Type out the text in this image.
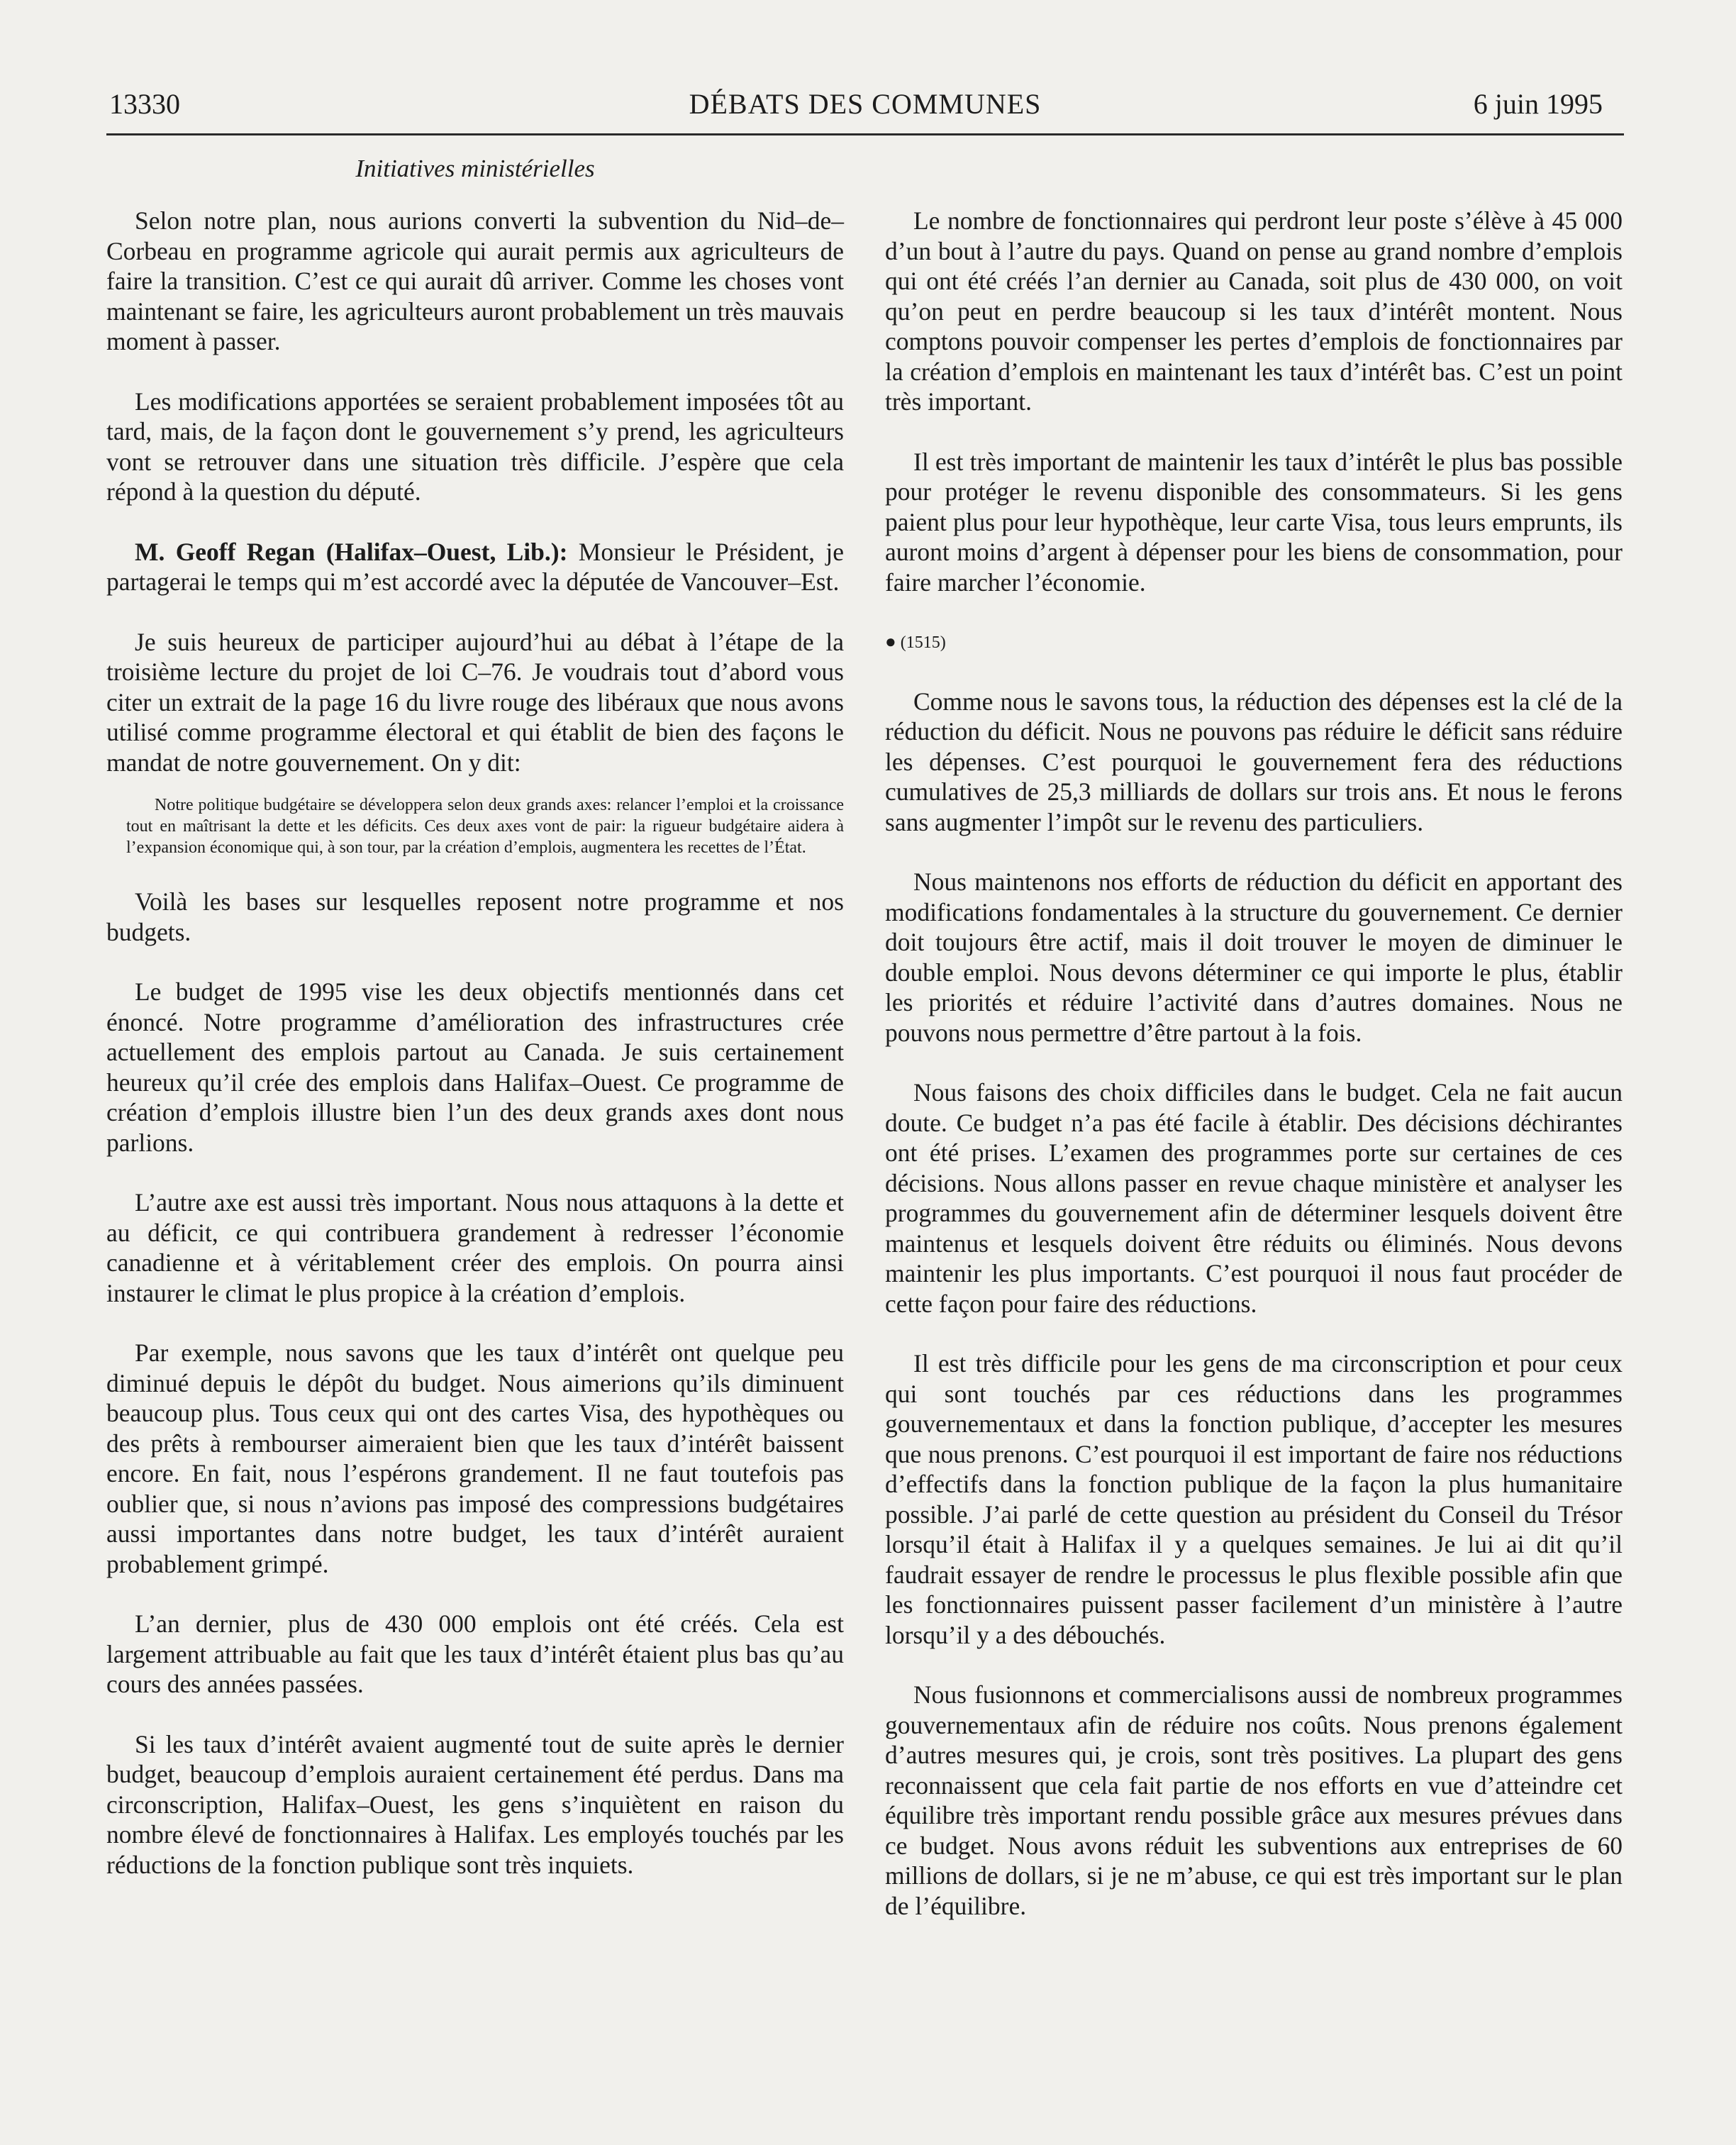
13330	DÉBATS DES COMMUNES	6 juin 1995
Initiatives ministérielles

Selon notre plan, nous aurions converti la subvention du Nid–de–Corbeau en programme agricole qui aurait permis aux agriculteurs de faire la transition. C’est ce qui aurait dû arriver. Comme les choses vont maintenant se faire, les agriculteurs auront probablement un très mauvais moment à passer.

Les modifications apportées se seraient probablement imposées tôt au tard, mais, de la façon dont le gouvernement s’y prend, les agriculteurs vont se retrouver dans une situation très difficile. J’espère que cela répond à la question du député.

M. Geoff Regan (Halifax–Ouest, Lib.): Monsieur le Président, je partagerai le temps qui m’est accordé avec la députée de Vancouver–Est.

Je suis heureux de participer aujourd’hui au débat à l’étape de la troisième lecture du projet de loi C–76. Je voudrais tout d’abord vous citer un extrait de la page 16 du livre rouge des libéraux que nous avons utilisé comme programme électoral et qui établit de bien des façons le mandat de notre gouvernement. On y dit:

Notre politique budgétaire se développera selon deux grands axes: relancer l’emploi et la croissance tout en maîtrisant la dette et les déficits. Ces deux axes vont de pair: la rigueur budgétaire aidera à l’expansion économique qui, à son tour, par la création d’emplois, augmentera les recettes de l’État.

Voilà les bases sur lesquelles reposent notre programme et nos budgets.

Le budget de 1995 vise les deux objectifs mentionnés dans cet énoncé. Notre programme d’amélioration des infrastructures crée actuellement des emplois partout au Canada. Je suis certainement heureux qu’il crée des emplois dans Halifax–Ouest. Ce programme de création d’emplois illustre bien l’un des deux grands axes dont nous parlions.

L’autre axe est aussi très important. Nous nous attaquons à la dette et au déficit, ce qui contribuera grandement à redresser l’économie canadienne et à véritablement créer des emplois. On pourra ainsi instaurer le climat le plus propice à la création d’emplois.

Par exemple, nous savons que les taux d’intérêt ont quelque peu diminué depuis le dépôt du budget. Nous aimerions qu’ils diminuent beaucoup plus. Tous ceux qui ont des cartes Visa, des hypothèques ou des prêts à rembourser aimeraient bien que les taux d’intérêt baissent encore. En fait, nous l’espérons grandement. Il ne faut toutefois pas oublier que, si nous n’avions pas imposé des compressions budgétaires aussi importantes dans notre budget, les taux d’intérêt auraient probablement grimpé.

L’an dernier, plus de 430 000 emplois ont été créés. Cela est largement attribuable au fait que les taux d’intérêt étaient plus bas qu’au cours des années passées.

Si les taux d’intérêt avaient augmenté tout de suite après le dernier budget, beaucoup d’emplois auraient certainement été perdus. Dans ma circonscription, Halifax–Ouest, les gens s’inquiètent en raison du nombre élevé de fonctionnaires à Halifax. Les employés touchés par les réductions de la fonction publique sont très inquiets.

Le nombre de fonctionnaires qui perdront leur poste s’élève à 45 000 d’un bout à l’autre du pays. Quand on pense au grand nombre d’emplois qui ont été créés l’an dernier au Canada, soit plus de 430 000, on voit qu’on peut en perdre beaucoup si les taux d’intérêt montent. Nous comptons pouvoir compenser les pertes d’emplois de fonctionnaires par la création d’emplois en maintenant les taux d’intérêt bas. C’est un point très important.

Il est très important de maintenir les taux d’intérêt le plus bas possible pour protéger le revenu disponible des consommateurs. Si les gens paient plus pour leur hypothèque, leur carte Visa, tous leurs emprunts, ils auront moins d’argent à dépenser pour les biens de consommation, pour faire marcher l’économie.

● (1515)

Comme nous le savons tous, la réduction des dépenses est la clé de la réduction du déficit. Nous ne pouvons pas réduire le déficit sans réduire les dépenses. C’est pourquoi le gouvernement fera des réductions cumulatives de 25,3 milliards de dollars sur trois ans. Et nous le ferons sans augmenter l’impôt sur le revenu des particuliers.

Nous maintenons nos efforts de réduction du déficit en apportant des modifications fondamentales à la structure du gouvernement. Ce dernier doit toujours être actif, mais il doit trouver le moyen de diminuer le double emploi. Nous devons déterminer ce qui importe le plus, établir les priorités et réduire l’activité dans d’autres domaines. Nous ne pouvons nous permettre d’être partout à la fois.

Nous faisons des choix difficiles dans le budget. Cela ne fait aucun doute. Ce budget n’a pas été facile à établir. Des décisions déchirantes ont été prises. L’examen des programmes porte sur certaines de ces décisions. Nous allons passer en revue chaque ministère et analyser les programmes du gouvernement afin de déterminer lesquels doivent être maintenus et lesquels doivent être réduits ou éliminés. Nous devons maintenir les plus importants. C’est pourquoi il nous faut procéder de cette façon pour faire des réductions.

Il est très difficile pour les gens de ma circonscription et pour ceux qui sont touchés par ces réductions dans les programmes gouvernementaux et dans la fonction publique, d’accepter les mesures que nous prenons. C’est pourquoi il est important de faire nos réductions d’effectifs dans la fonction publique de la façon la plus humanitaire possible. J’ai parlé de cette question au président du Conseil du Trésor lorsqu’il était à Halifax il y a quelques semaines. Je lui ai dit qu’il faudrait essayer de rendre le processus le plus flexible possible afin que les fonctionnaires puissent passer facilement d’un ministère à l’autre lorsqu’il y a des débouchés.

Nous fusionnons et commercialisons aussi de nombreux programmes gouvernementaux afin de réduire nos coûts. Nous prenons également d’autres mesures qui, je crois, sont très positives. La plupart des gens reconnaissent que cela fait partie de nos efforts en vue d’atteindre cet équilibre très important rendu possible grâce aux mesures prévues dans ce budget. Nous avons réduit les subventions aux entreprises de 60 millions de dollars, si je ne m’abuse, ce qui est très important sur le plan de l’équilibre.
